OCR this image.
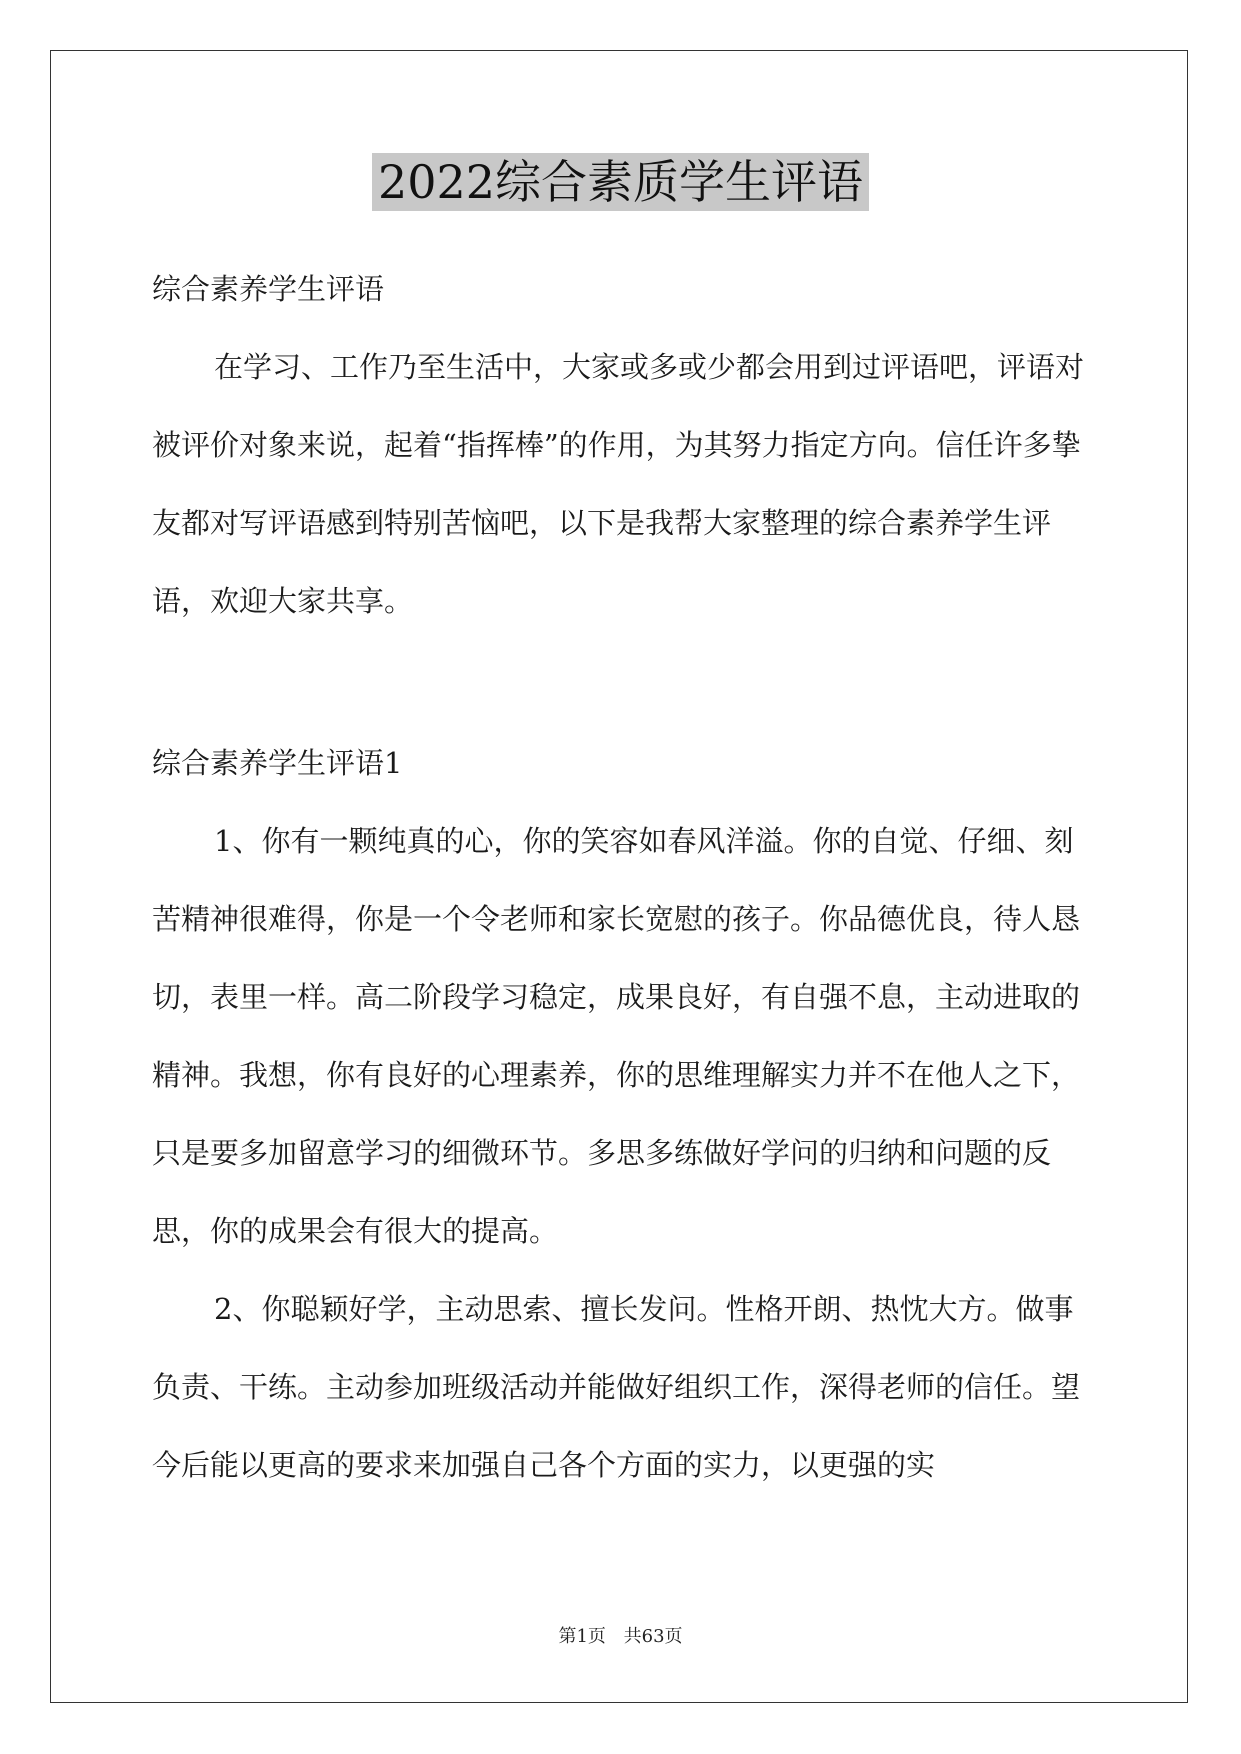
2022综合素质学生评语

综合素养学生评语

在学习、工作乃至生活中，大家或多或少都会用到过评语吧，评语对被评价对象来说，起着“指挥棒”的作用，为其努力指定方向。信任许多挚友都对写评语感到特别苦恼吧，以下是我帮大家整理的综合素养学生评语，欢迎大家共享。

综合素养学生评语1

1、你有一颗纯真的心，你的笑容如春风洋溢。你的自觉、仔细、刻苦精神很难得，你是一个令老师和家长宽慰的孩子。你品德优良，待人恳切，表里一样。高二阶段学习稳定，成果良好，有自强不息，主动进取的精神。我想，你有良好的心理素养，你的思维理解实力并不在他人之下，只是要多加留意学习的细微环节。多思多练做好学问的归纳和问题的反思，你的成果会有很大的提高。

2、你聪颖好学，主动思索、擅长发问。性格开朗、热忱大方。做事负责、干练。主动参加班级活动并能做好组织工作，深得老师的信任。望今后能以更高的要求来加强自己各个方面的实力，以更强的实

第1页 共63页
